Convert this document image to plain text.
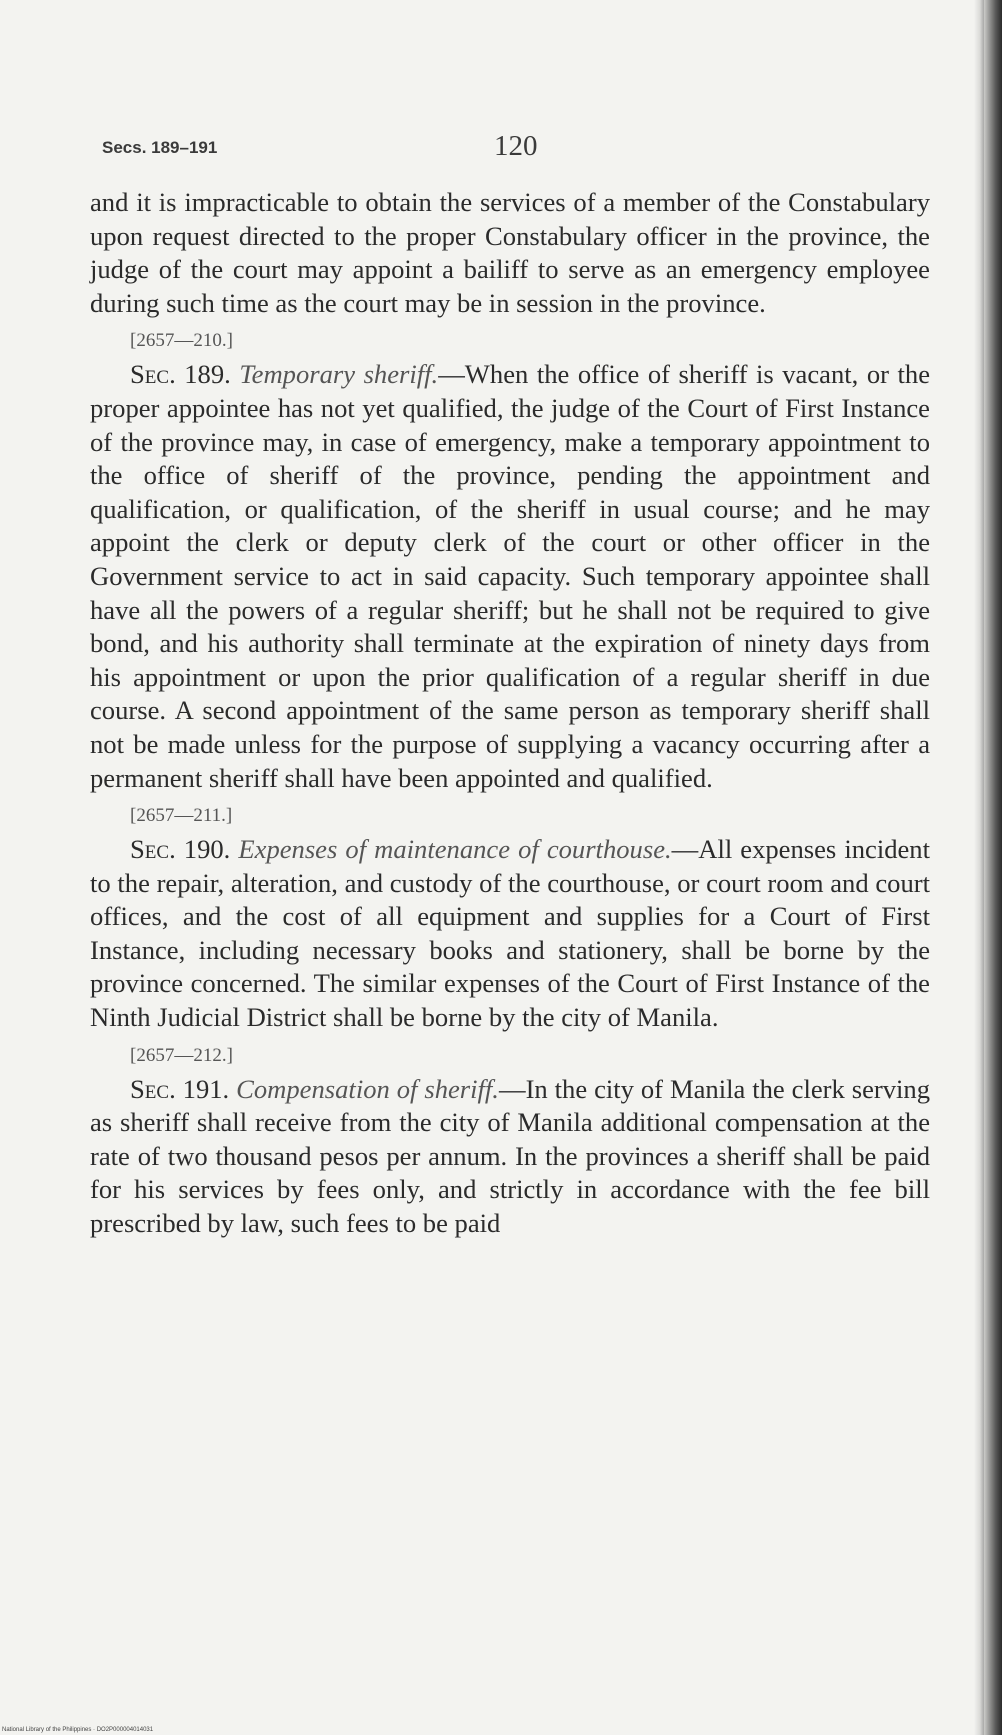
Secs. 189–191	120

and it is impracticable to obtain the services of a member of the Constabulary upon request directed to the proper Constabulary officer in the province, the judge of the court may appoint a bailiff to serve as an emergency employee during such time as the court may be in session in the province.

[2657—210.]

Sec. 189. Temporary sheriff.—When the office of sheriff is vacant, or the proper appointee has not yet qualified, the judge of the Court of First Instance of the province may, in case of emergency, make a temporary appointment to the office of sheriff of the province, pending the appointment and qualification, or qualification, of the sheriff in usual course; and he may appoint the clerk or deputy clerk of the court or other officer in the Government service to act in said capacity. Such temporary appointee shall have all the powers of a regular sheriff; but he shall not be required to give bond, and his authority shall terminate at the expiration of ninety days from his appointment or upon the prior qualification of a regular sheriff in due course. A second appointment of the same person as temporary sheriff shall not be made unless for the purpose of supplying a vacancy occurring after a permanent sheriff shall have been appointed and qualified.

[2657—211.]

Sec. 190. Expenses of maintenance of courthouse.—All expenses incident to the repair, alteration, and custody of the courthouse, or court room and court offices, and the cost of all equipment and supplies for a Court of First Instance, including necessary books and stationery, shall be borne by the province concerned. The similar expenses of the Court of First Instance of the Ninth Judicial District shall be borne by the city of Manila.

[2657—212.]

Sec. 191. Compensation of sheriff.—In the city of Manila the clerk serving as sheriff shall receive from the city of Manila additional compensation at the rate of two thousand pesos per annum. In the provinces a sheriff shall be paid for his services by fees only, and strictly in accordance with the fee bill prescribed by law, such fees to be paid

National Library of the Philippines · DO2P000004014031
